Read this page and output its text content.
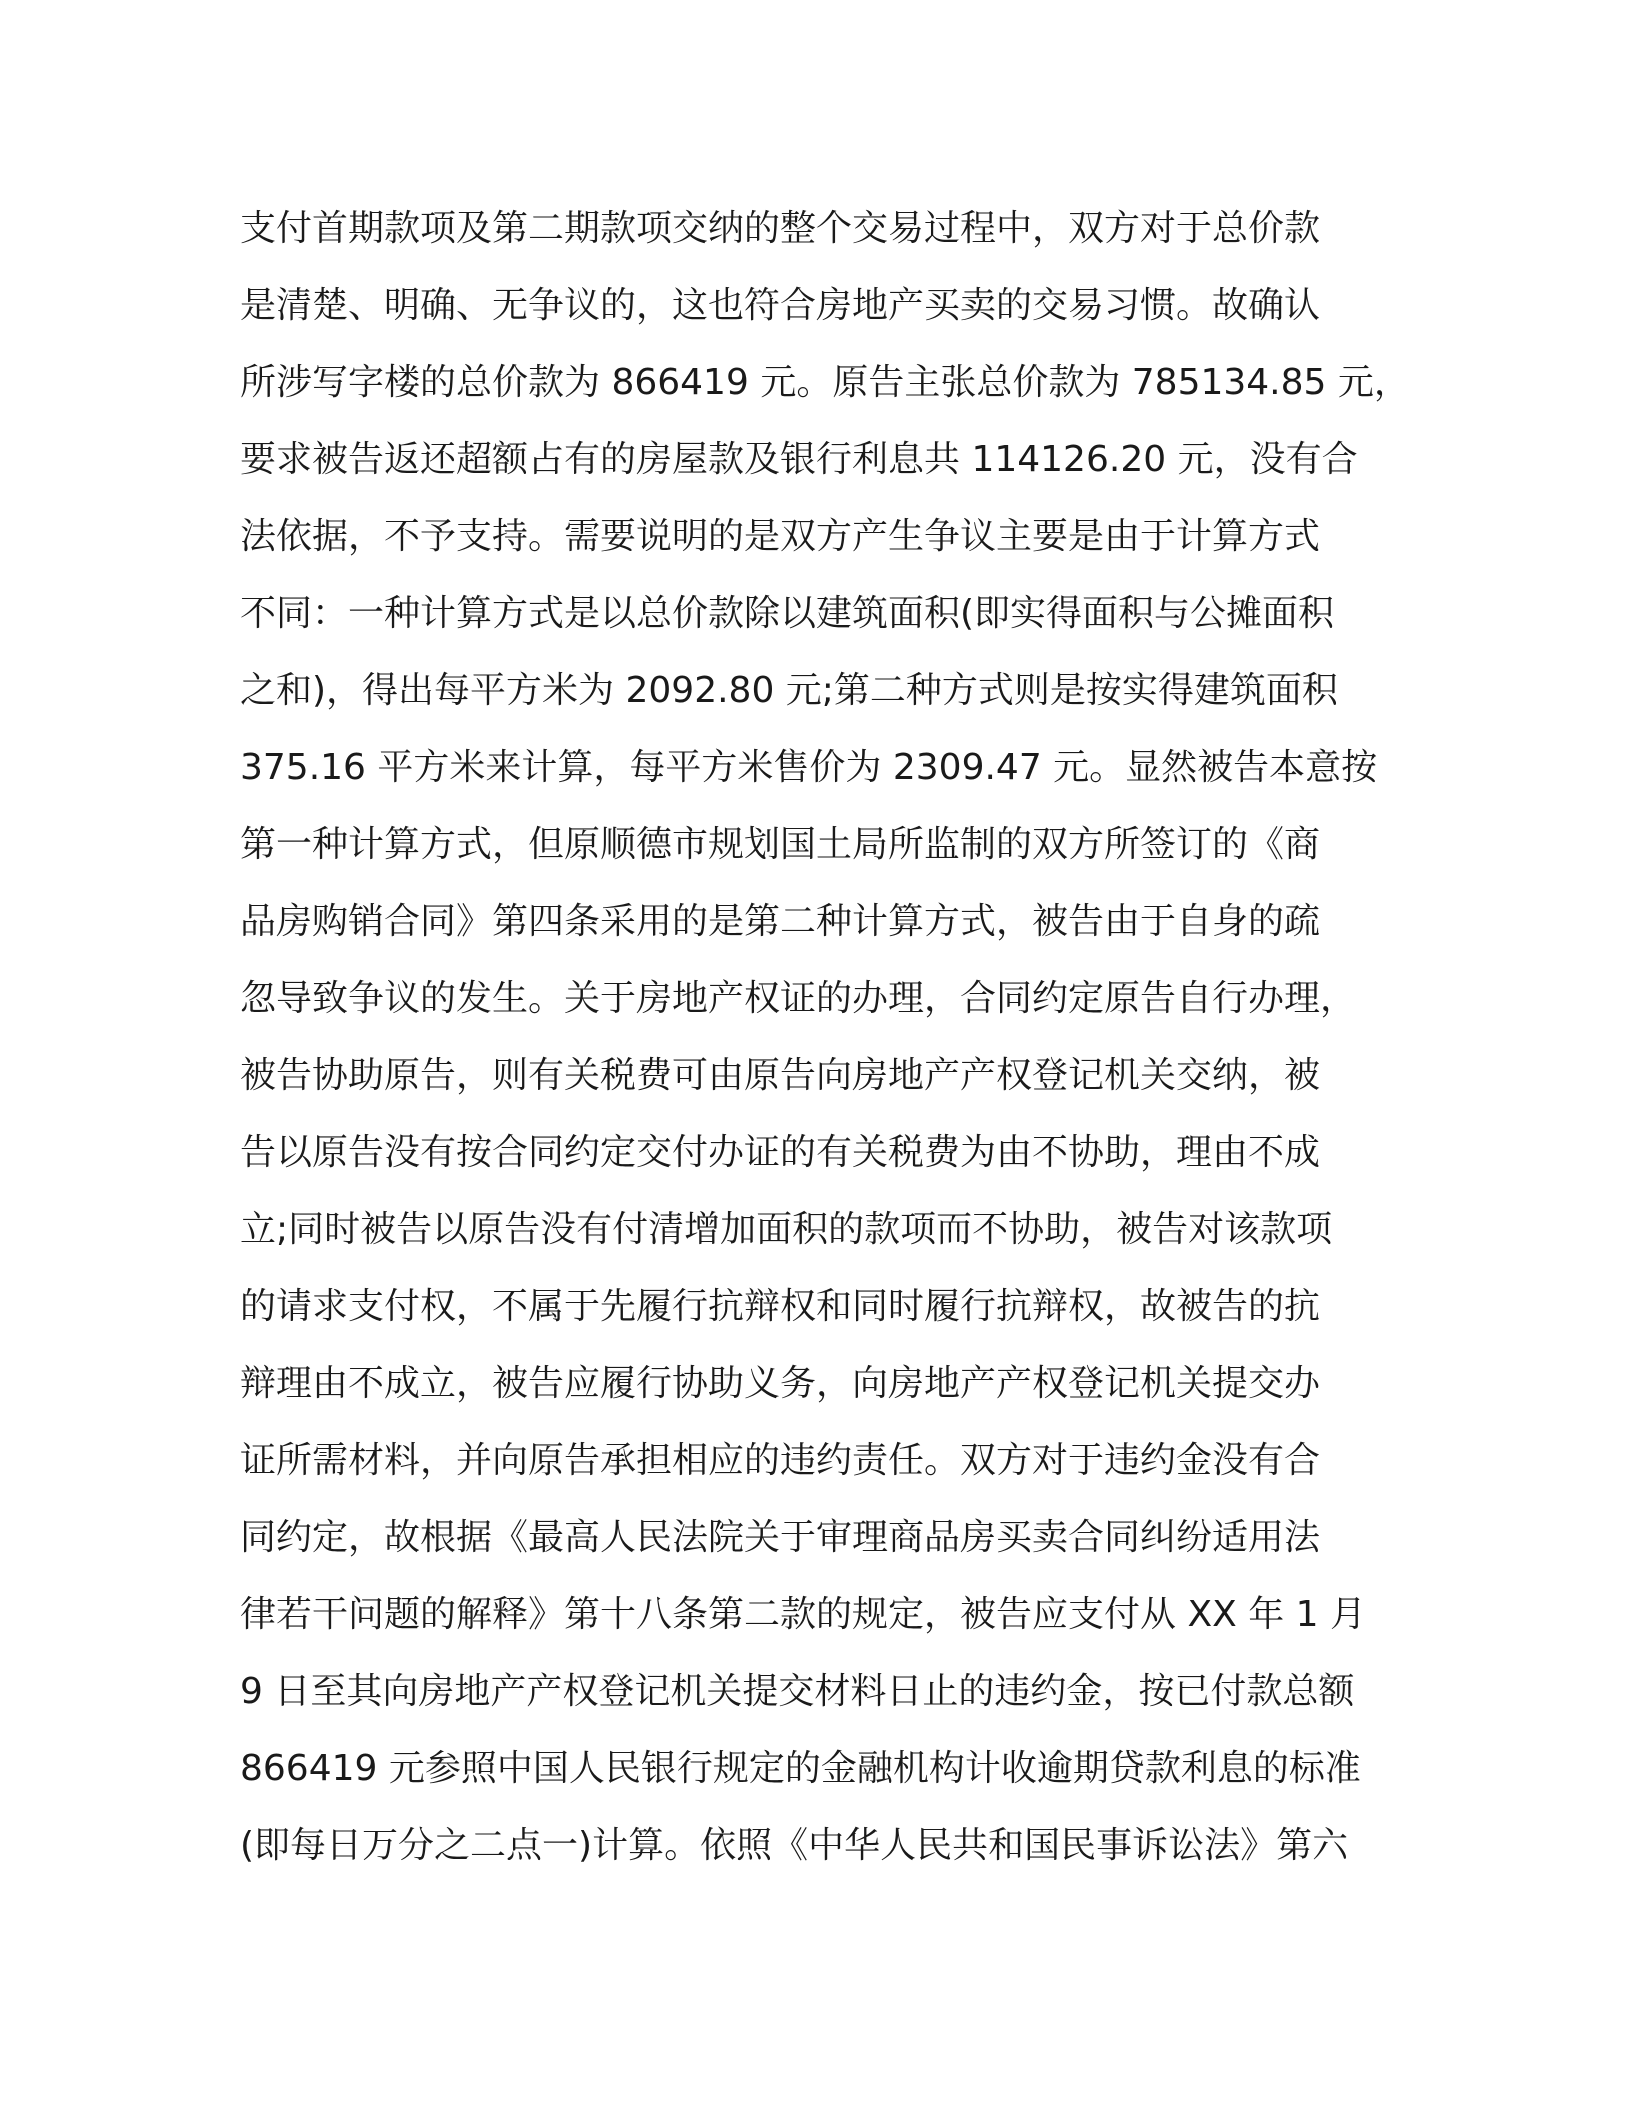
支付首期款项及第二期款项交纳的整个交易过程中，双方对于总价款
是清楚、明确、无争议的，这也符合房地产买卖的交易习惯。故确认
所涉写字楼的总价款为 866419 元。原告主张总价款为 785134.85 元，
要求被告返还超额占有的房屋款及银行利息共 114126.20 元，没有合
法依据，不予支持。需要说明的是双方产生争议主要是由于计算方式
不同：一种计算方式是以总价款除以建筑面积(即实得面积与公摊面积
之和)，得出每平方米为 2092.80 元;第二种方式则是按实得建筑面积
375.16 平方米来计算，每平方米售价为 2309.47 元。显然被告本意按
第一种计算方式，但原顺德市规划国土局所监制的双方所签订的《商
品房购销合同》第四条采用的是第二种计算方式，被告由于自身的疏
忽导致争议的发生。关于房地产权证的办理，合同约定原告自行办理，
被告协助原告，则有关税费可由原告向房地产产权登记机关交纳，被
告以原告没有按合同约定交付办证的有关税费为由不协助，理由不成
立;同时被告以原告没有付清增加面积的款项而不协助，被告对该款项
的请求支付权，不属于先履行抗辩权和同时履行抗辩权，故被告的抗
辩理由不成立，被告应履行协助义务，向房地产产权登记机关提交办
证所需材料，并向原告承担相应的违约责任。双方对于违约金没有合
同约定，故根据《最高人民法院关于审理商品房买卖合同纠纷适用法
律若干问题的解释》第十八条第二款的规定，被告应支付从 XX 年 1 月
9 日至其向房地产产权登记机关提交材料日止的违约金，按已付款总额
866419 元参照中国人民银行规定的金融机构计收逾期贷款利息的标准
(即每日万分之二点一)计算。依照《中华人民共和国民事诉讼法》第六
